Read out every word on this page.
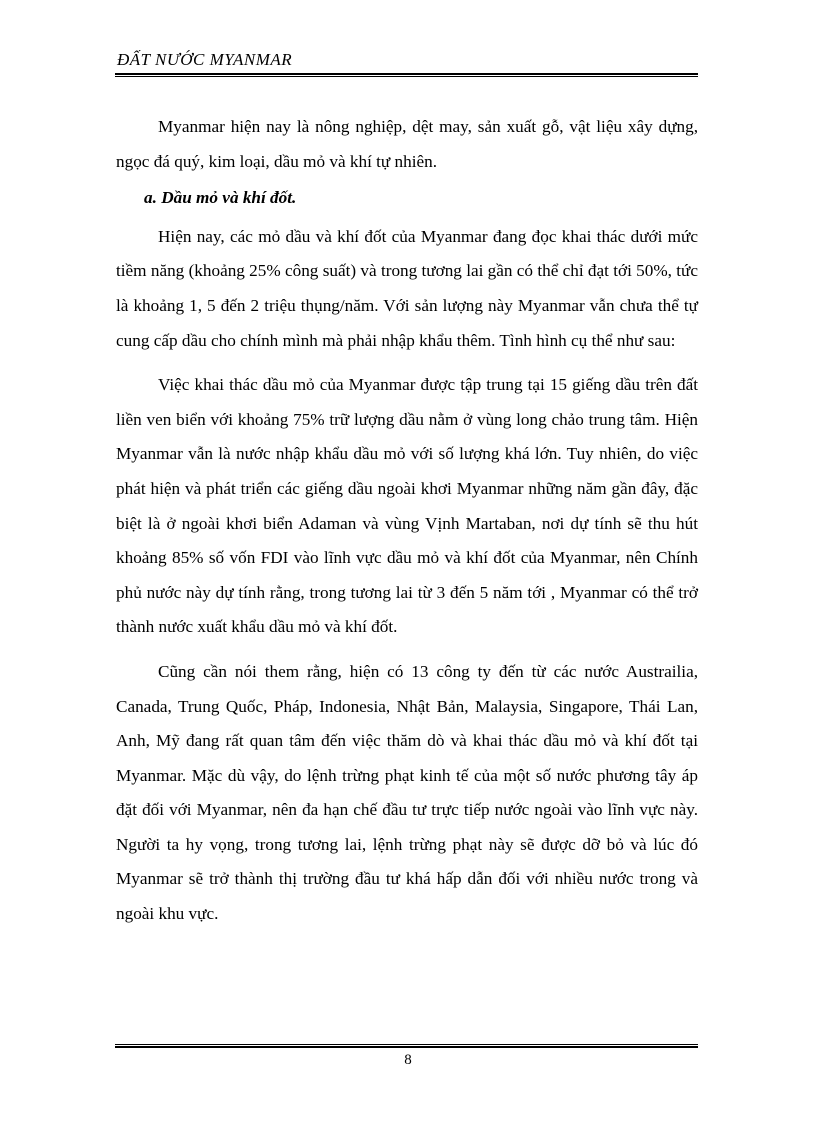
ĐẤT NƯỚC MYANMAR

Myanmar hiện nay là nông nghiệp, dệt may, sản xuất gỗ, vật liệu xây dựng, ngọc đá quý, kim loại, dầu mỏ và khí tự nhiên.

a. Dầu mỏ và khí đốt.

Hiện nay, các mỏ dầu và khí đốt của Myanmar đang đọc khai thác dưới mức tiềm năng (khoảng 25% công suất) và trong tương lai gần có thể chỉ đạt tới 50%, tức là khoảng 1, 5 đến 2 triệu thụng/năm. Với sản lượng này Myanmar vẫn chưa thể tự cung cấp dầu cho chính mình mà phải nhập khẩu thêm. Tình hình cụ thể như sau:

Việc khai thác dầu mỏ của Myanmar được tập trung tại 15 giếng dầu trên đất liền ven biển với khoảng 75% trữ lượng dầu nằm ở vùng long chảo trung tâm. Hiện Myanmar vẫn là nước nhập khẩu dầu mỏ với số lượng khá lớn. Tuy nhiên, do việc phát hiện và phát triển các giếng dầu ngoài khơi Myanmar những năm gần đây, đặc biệt là ở ngoài khơi biển Adaman và vùng Vịnh Martaban, nơi dự tính sẽ thu hút khoảng 85% số vốn FDI vào lĩnh vực dầu mỏ và khí đốt của Myanmar, nên Chính phủ nước này dự tính rằng, trong tương lai từ 3 đến 5 năm tới , Myanmar có thể trở thành nước xuất khẩu dầu mỏ và khí đốt.

Cũng cần nói them rằng, hiện có 13 công ty đến từ các nước Austrailia, Canada, Trung Quốc, Pháp, Indonesia, Nhật Bản, Malaysia, Singapore, Thái Lan, Anh, Mỹ đang rất quan tâm đến việc thăm dò và khai thác dầu mỏ và khí đốt tại Myanmar. Mặc dù vậy, do lệnh trừng phạt kinh tế của một số nước phương tây áp đặt đối với Myanmar, nên đa hạn chế đầu tư trực tiếp nước ngoài vào lĩnh vực này. Người ta hy vọng, trong tương lai, lệnh trừng phạt này sẽ được dỡ bỏ và lúc đó Myanmar sẽ trở thành thị trường đầu tư khá hấp dẫn đối với nhiều nước trong và ngoài khu vực.

8
